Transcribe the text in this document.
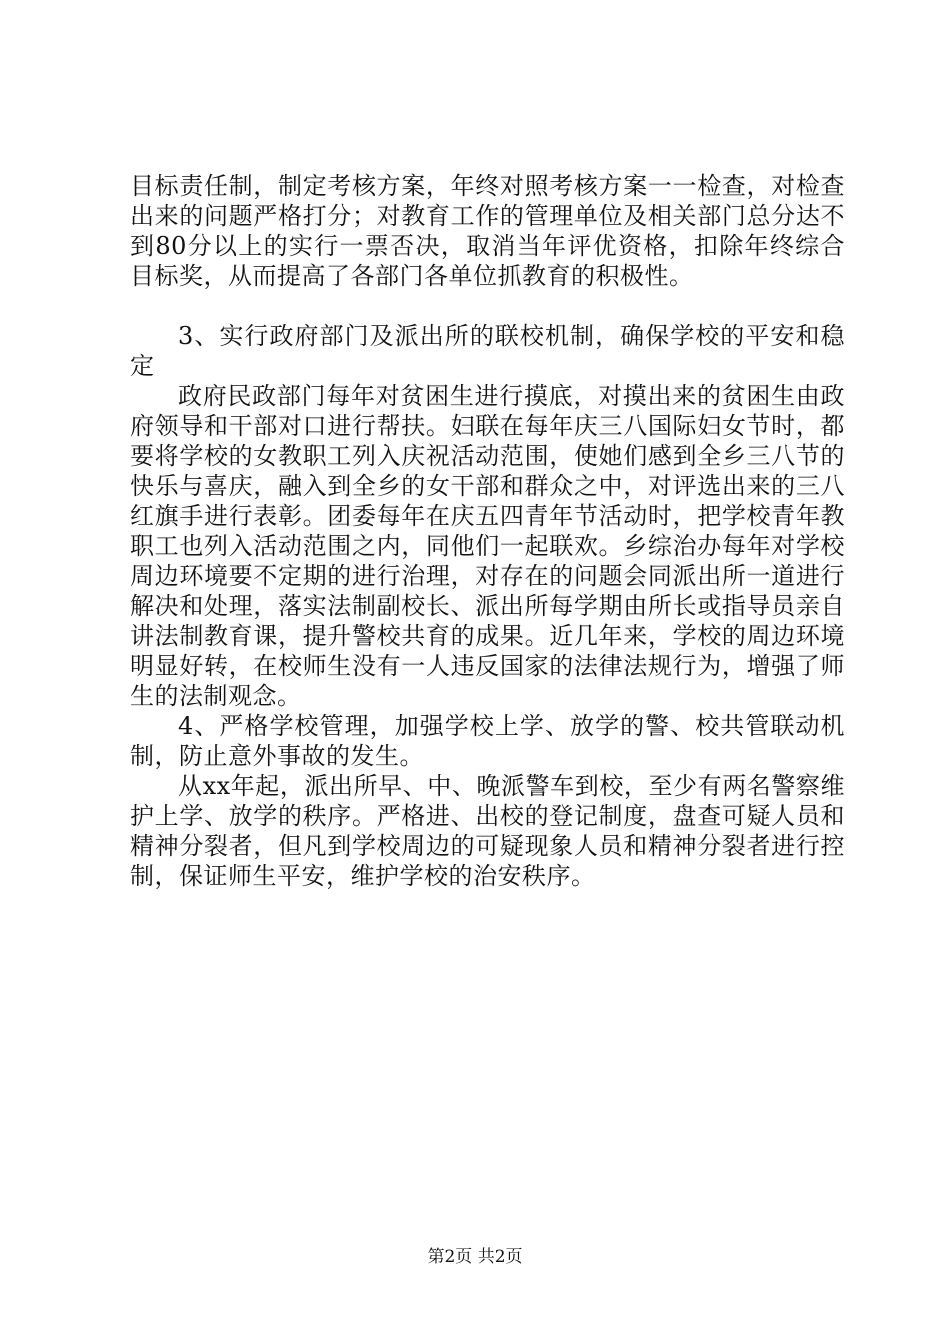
目标责任制，制定考核方案，年终对照考核方案一一检查，对检查出来的问题严格打分；对教育工作的管理单位及相关部门总分达不到80分以上的实行一票否决，取消当年评优资格，扣除年终综合目标奖，从而提高了各部门各单位抓教育的积极性。

3、实行政府部门及派出所的联校机制，确保学校的平安和稳定

政府民政部门每年对贫困生进行摸底，对摸出来的贫困生由政府领导和干部对口进行帮扶。妇联在每年庆三八国际妇女节时，都要将学校的女教职工列入庆祝活动范围，使她们感到全乡三八节的快乐与喜庆，融入到全乡的女干部和群众之中，对评选出来的三八红旗手进行表彰。团委每年在庆五四青年节活动时，把学校青年教职工也列入活动范围之内，同他们一起联欢。乡综治办每年对学校周边环境要不定期的进行治理，对存在的问题会同派出所一道进行解决和处理，落实法制副校长、派出所每学期由所长或指导员亲自讲法制教育课，提升警校共育的成果。近几年来，学校的周边环境明显好转，在校师生没有一人违反国家的法律法规行为，增强了师生的法制观念。

4、严格学校管理，加强学校上学、放学的警、校共管联动机制，防止意外事故的发生。

从xx年起，派出所早、中、晚派警车到校，至少有两名警察维护上学、放学的秩序。严格进、出校的登记制度，盘查可疑人员和精神分裂者，但凡到学校周边的可疑现象人员和精神分裂者进行控制，保证师生平安，维护学校的治安秩序。

第2页 共2页
